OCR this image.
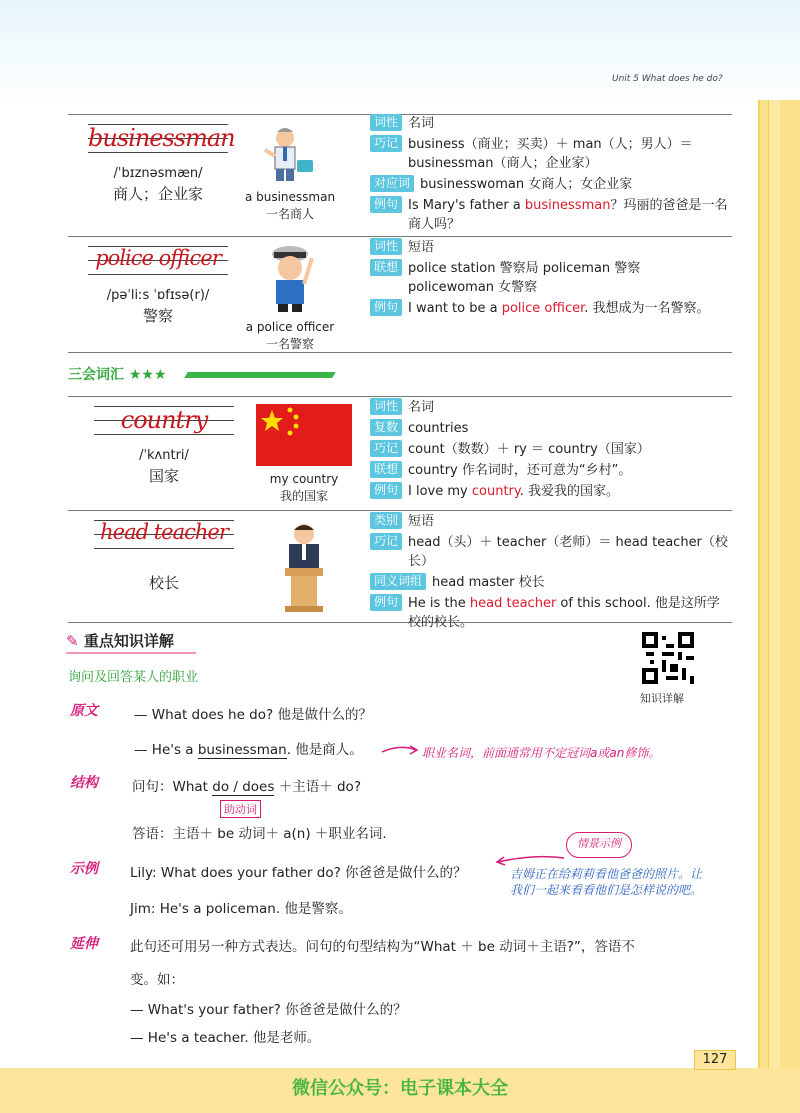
Unit 5 What does he do?
businessman
/ˈbɪznəsmæn/
商人；企业家	a businessman
一名商人
词性 名词
巧记 business（商业；买卖）＋ man（人；男人）＝ businessman（商人；企业家）
对应词 businesswoman 女商人；女企业家
例句 Is Mary's father a businessman？玛丽的爸爸是一名商人吗？
police officer
/pəˈliːs ˈɒfɪsə(r)/
警察
a police officer
一名警察
词性 短语
联想 police station 警察局 policeman 警察 policewoman 女警察
例句 I want to be a police officer. 我想成为一名警察。
三会词汇 ★★★
country
/ˈkʌntri/
国家	my country
我的国家
词性 名词
复数 countries
巧记 count（数数）＋ ry ＝ country（国家）
联想 country 作名词时，还可意为“乡村”。
例句 I love my country. 我爱我的国家。
head teacher
校长
类别 短语
巧记 head（头）＋ teacher（老师）＝ head teacher（校长）
同义词组 head master 校长
例句 He is the head teacher of this school. 他是这所学校的校长。
✎ 重点知识详解
询问及回答某人的职业
知识详解
原文	— What does he do? 他是做什么的？
— He's a businessman. 他是商人。	职业名词，前面通常用不定冠词a或an修饰。
结构	问句：What do / does ＋主语＋ do?
助动词
答语：主语＋ be 动词＋ a(n) ＋职业名词.
示例 Lily: What does your father do? 你爸爸是做什么的？
Jim: He's a policeman. 他是警察。
情景示例
吉姆正在给莉莉看他爸爸的照片。让我们一起来看看他们是怎样说的吧。
延伸 此句还可用另一种方式表达。问句的句型结构为“What ＋ be 动词＋主语?”，答语不
变。如：
— What's your father? 你爸爸是做什么的？
— He's a teacher. 他是老师。
127
微信公众号：电子课本大全
